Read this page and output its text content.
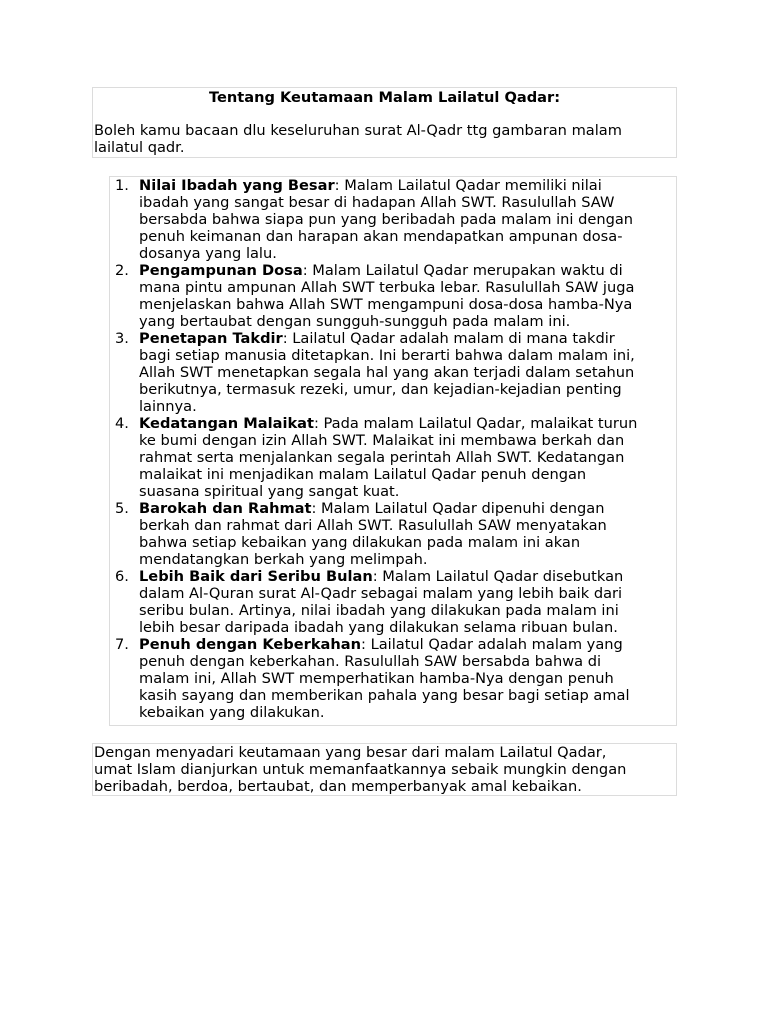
Tentang Keutamaan Malam Lailatul Qadar:

Boleh kamu bacaan dlu keseluruhan surat Al-Qadr ttg gambaran malam
lailatul qadr.

1. Nilai Ibadah yang Besar: Malam Lailatul Qadar memiliki nilai
ibadah yang sangat besar di hadapan Allah SWT. Rasulullah SAW
bersabda bahwa siapa pun yang beribadah pada malam ini dengan
penuh keimanan dan harapan akan mendapatkan ampunan dosa-
dosanya yang lalu.
2. Pengampunan Dosa: Malam Lailatul Qadar merupakan waktu di
mana pintu ampunan Allah SWT terbuka lebar. Rasulullah SAW juga
menjelaskan bahwa Allah SWT mengampuni dosa-dosa hamba-Nya
yang bertaubat dengan sungguh-sungguh pada malam ini.
3. Penetapan Takdir: Lailatul Qadar adalah malam di mana takdir
bagi setiap manusia ditetapkan. Ini berarti bahwa dalam malam ini,
Allah SWT menetapkan segala hal yang akan terjadi dalam setahun
berikutnya, termasuk rezeki, umur, dan kejadian-kejadian penting
lainnya.
4. Kedatangan Malaikat: Pada malam Lailatul Qadar, malaikat turun
ke bumi dengan izin Allah SWT. Malaikat ini membawa berkah dan
rahmat serta menjalankan segala perintah Allah SWT. Kedatangan
malaikat ini menjadikan malam Lailatul Qadar penuh dengan
suasana spiritual yang sangat kuat.
5. Barokah dan Rahmat: Malam Lailatul Qadar dipenuhi dengan
berkah dan rahmat dari Allah SWT. Rasulullah SAW menyatakan
bahwa setiap kebaikan yang dilakukan pada malam ini akan
mendatangkan berkah yang melimpah.
6. Lebih Baik dari Seribu Bulan: Malam Lailatul Qadar disebutkan
dalam Al-Quran surat Al-Qadr sebagai malam yang lebih baik dari
seribu bulan. Artinya, nilai ibadah yang dilakukan pada malam ini
lebih besar daripada ibadah yang dilakukan selama ribuan bulan.
7. Penuh dengan Keberkahan: Lailatul Qadar adalah malam yang
penuh dengan keberkahan. Rasulullah SAW bersabda bahwa di
malam ini, Allah SWT memperhatikan hamba-Nya dengan penuh
kasih sayang dan memberikan pahala yang besar bagi setiap amal
kebaikan yang dilakukan.

Dengan menyadari keutamaan yang besar dari malam Lailatul Qadar,
umat Islam dianjurkan untuk memanfaatkannya sebaik mungkin dengan
beribadah, berdoa, bertaubat, dan memperbanyak amal kebaikan.
